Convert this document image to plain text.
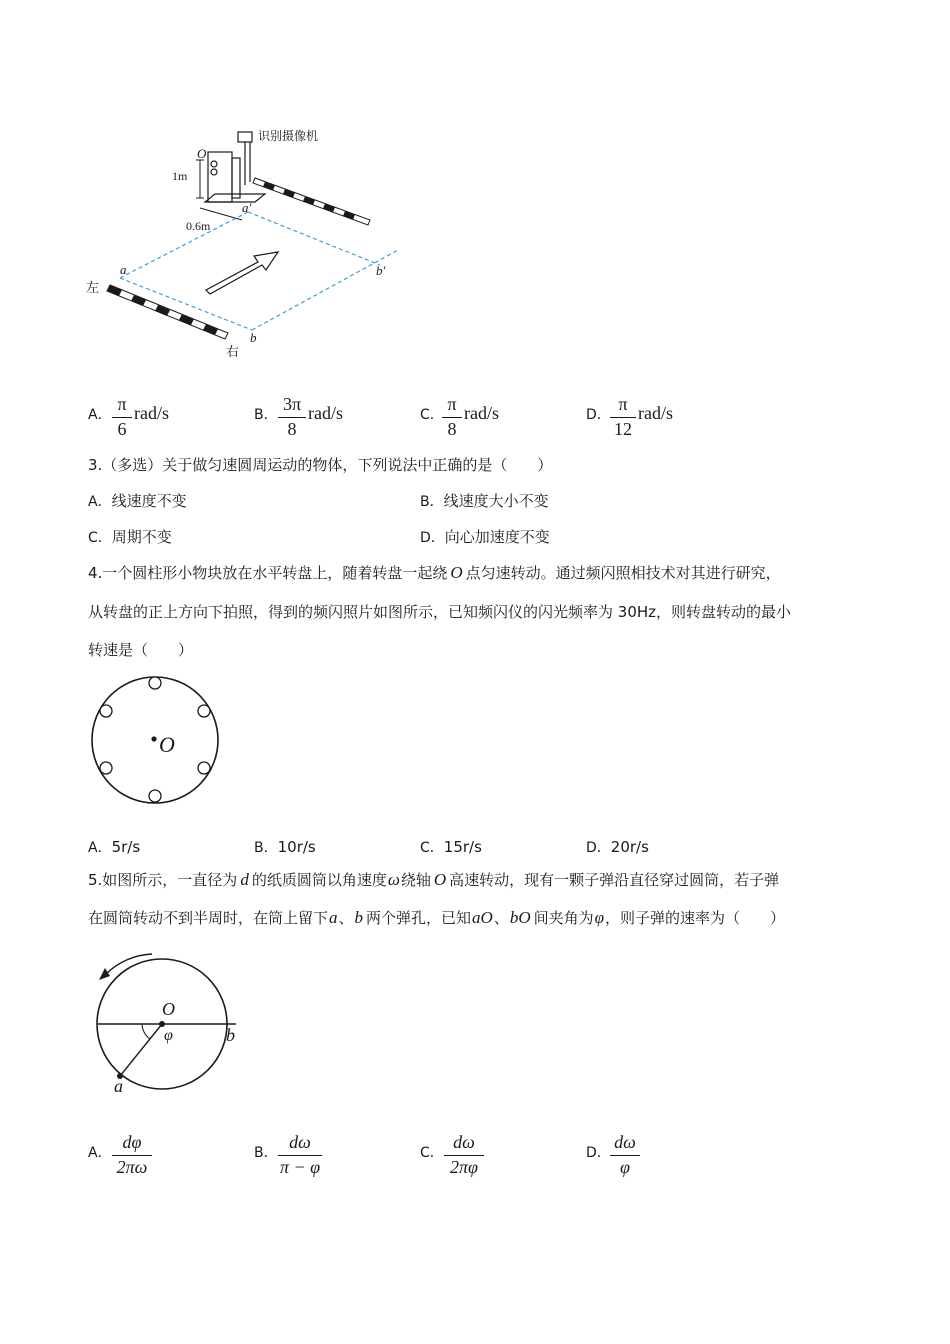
识别摄像机
O
1m
0.6m
a′
b′
a
b
左
右
A．
π
6
rad/s	B．
3π
8
rad/s	C．
π
8
rad/s	D．
π
12
rad/s
3.（多选）关于做匀速圆周运动的物体，下列说法中正确的是（　　）
A．线速度不变	B．线速度大小不变
C．周期不变	D．向心加速度不变
4.一个圆柱形小物块放在水平转盘上，随着转盘一起绕 O 点匀速转动。通过频闪照相技术对其进行研究，
从转盘的正上方向下拍照，得到的频闪照片如图所示，已知频闪仪的闪光频率为 30Hz，则转盘转动的最小
转速是（　　）
O
A．5r/s	B．10r/s	C．15r/s	D．20r/s
5.如图所示，一直径为 d 的纸质圆筒以角速度ω绕轴 O 高速转动，现有一颗子弹沿直径穿过圆筒，若子弹
在圆筒转动不到半周时，在筒上留下a、b 两个弹孔，已知aO、bO 间夹角为φ，则子弹的速率为（　　）
O
φ	b
a
A．
dφ
2πω
B．
dω
π − φ
C．
dω
2πφ
D．
dω
φ
